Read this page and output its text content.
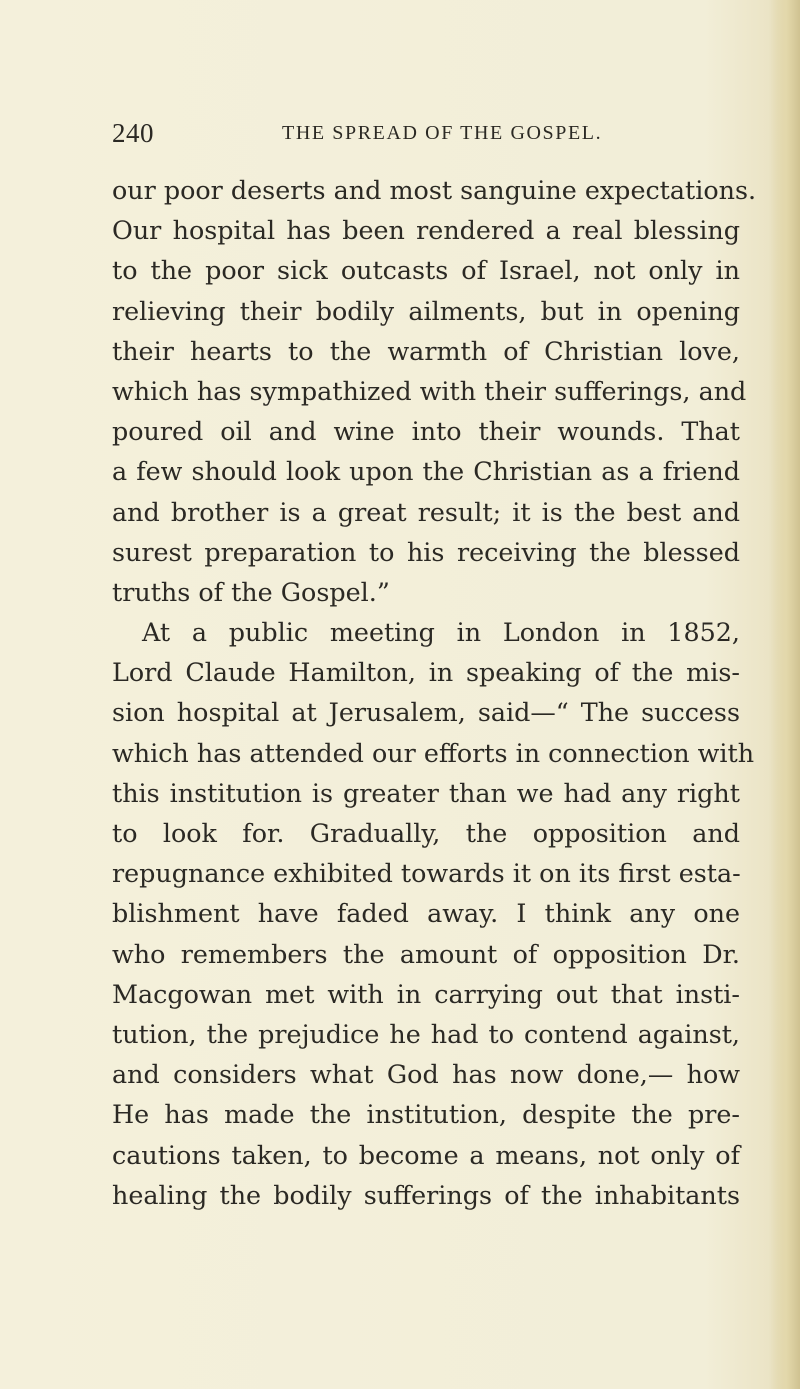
240	THE SPREAD OF THE GOSPEL.
our poor deserts and most sanguine expectations.
Our hospital has been rendered a real blessing
to the poor sick outcasts of Israel, not only in
relieving their bodily ailments, but in opening
their hearts to the warmth of Christian love,
which has sympathized with their sufferings, and
poured oil and wine into their wounds. That
a few should look upon the Christian as a friend
and brother is a great result; it is the best and
surest preparation to his receiving the blessed
truths of the Gospel.”
At a public meeting in London in 1852,
Lord Claude Hamilton, in speaking of the mis-
sion hospital at Jerusalem, said—“ The success
which has attended our efforts in connection with
this institution is greater than we had any right
to look for. Gradually, the opposition and
repugnance exhibited towards it on its first esta-
blishment have faded away. I think any one
who remembers the amount of opposition Dr.
Macgowan met with in carrying out that insti-
tution, the prejudice he had to contend against,
and considers what God has now done,— how
He has made the institution, despite the pre-
cautions taken, to become a means, not only of
healing the bodily sufferings of the inhabitants
